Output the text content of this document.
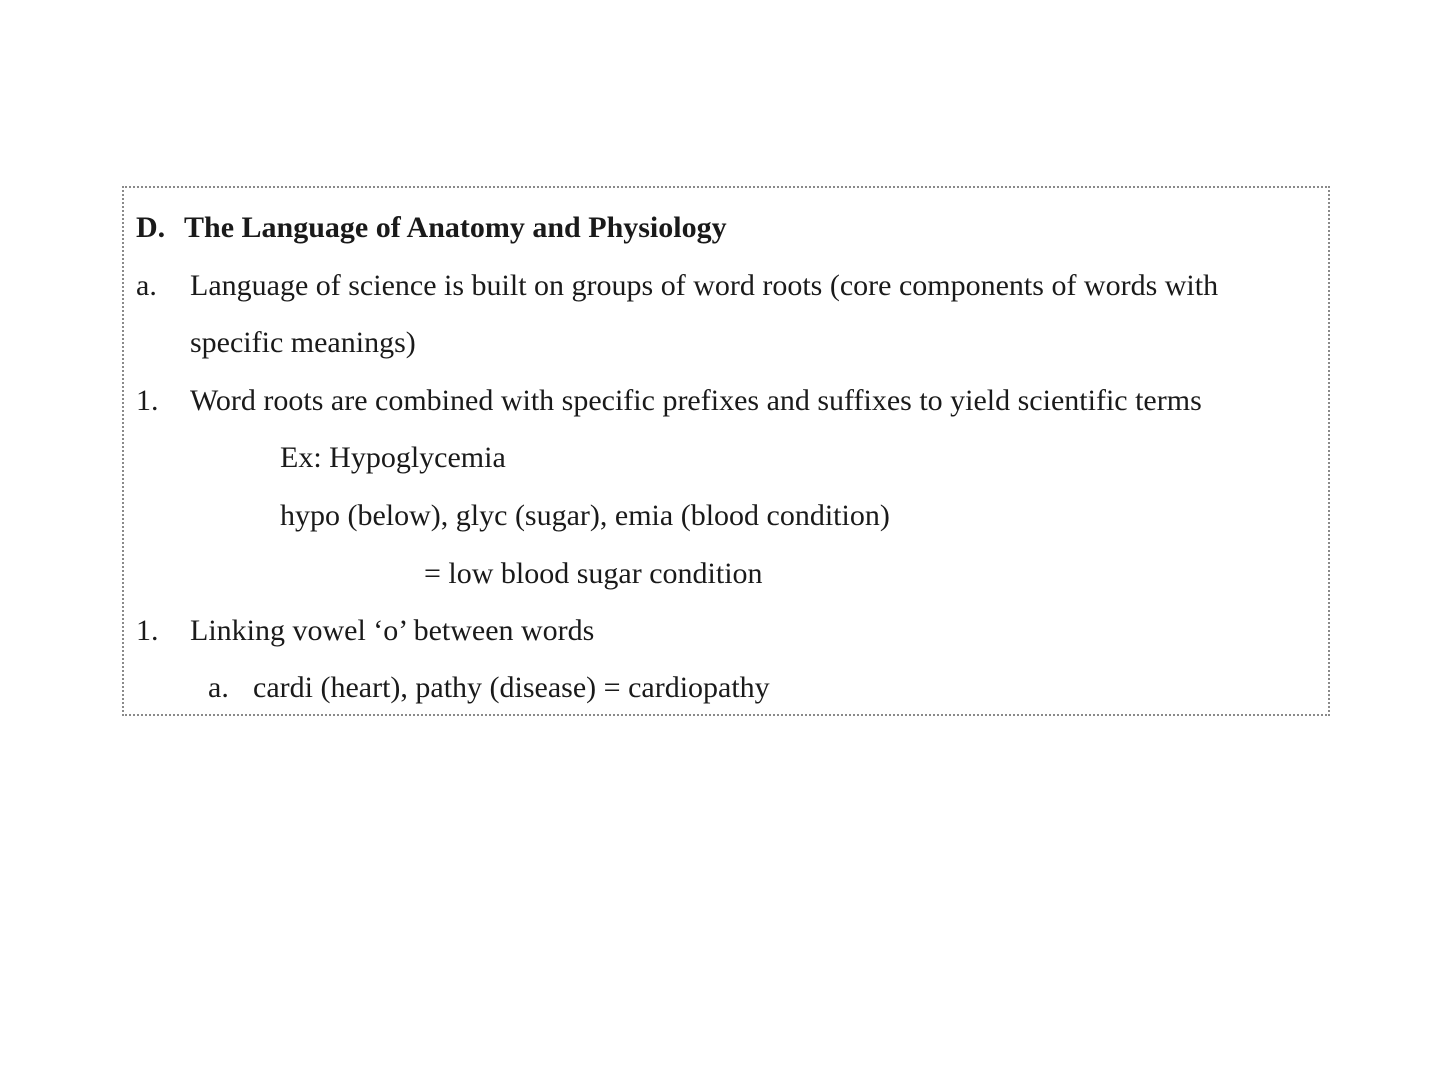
D. The Language of Anatomy and Physiology
a. Language of science is built on groups of word roots (core components of words with
specific meanings)
1. Word roots are combined with specific prefixes and suffixes to yield scientific terms
Ex: Hypoglycemia
hypo (below), glyc (sugar), emia (blood condition)
= low blood sugar condition
1. Linking vowel ‘o’ between words
a. cardi (heart), pathy (disease) = cardiopathy
